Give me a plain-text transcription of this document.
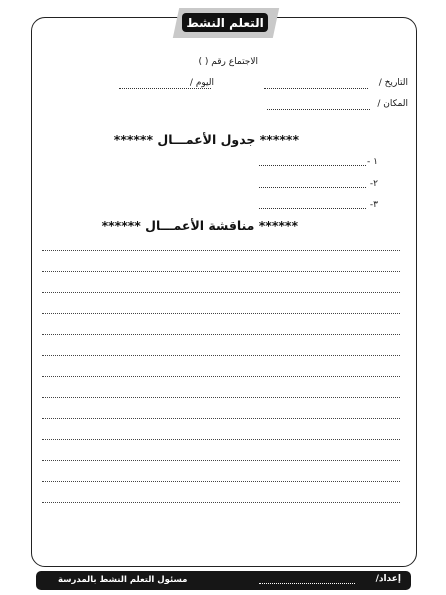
التعلم النشط
الاجتماع رقم ( )
التاريخ /
اليوم /
المكان /
****** جدول الأعمـــال ******
١ -
٢-
٣-
****** مناقشة الأعمـــال ******
إعداد/
مسئول التعلم النشط بالمدرسة
